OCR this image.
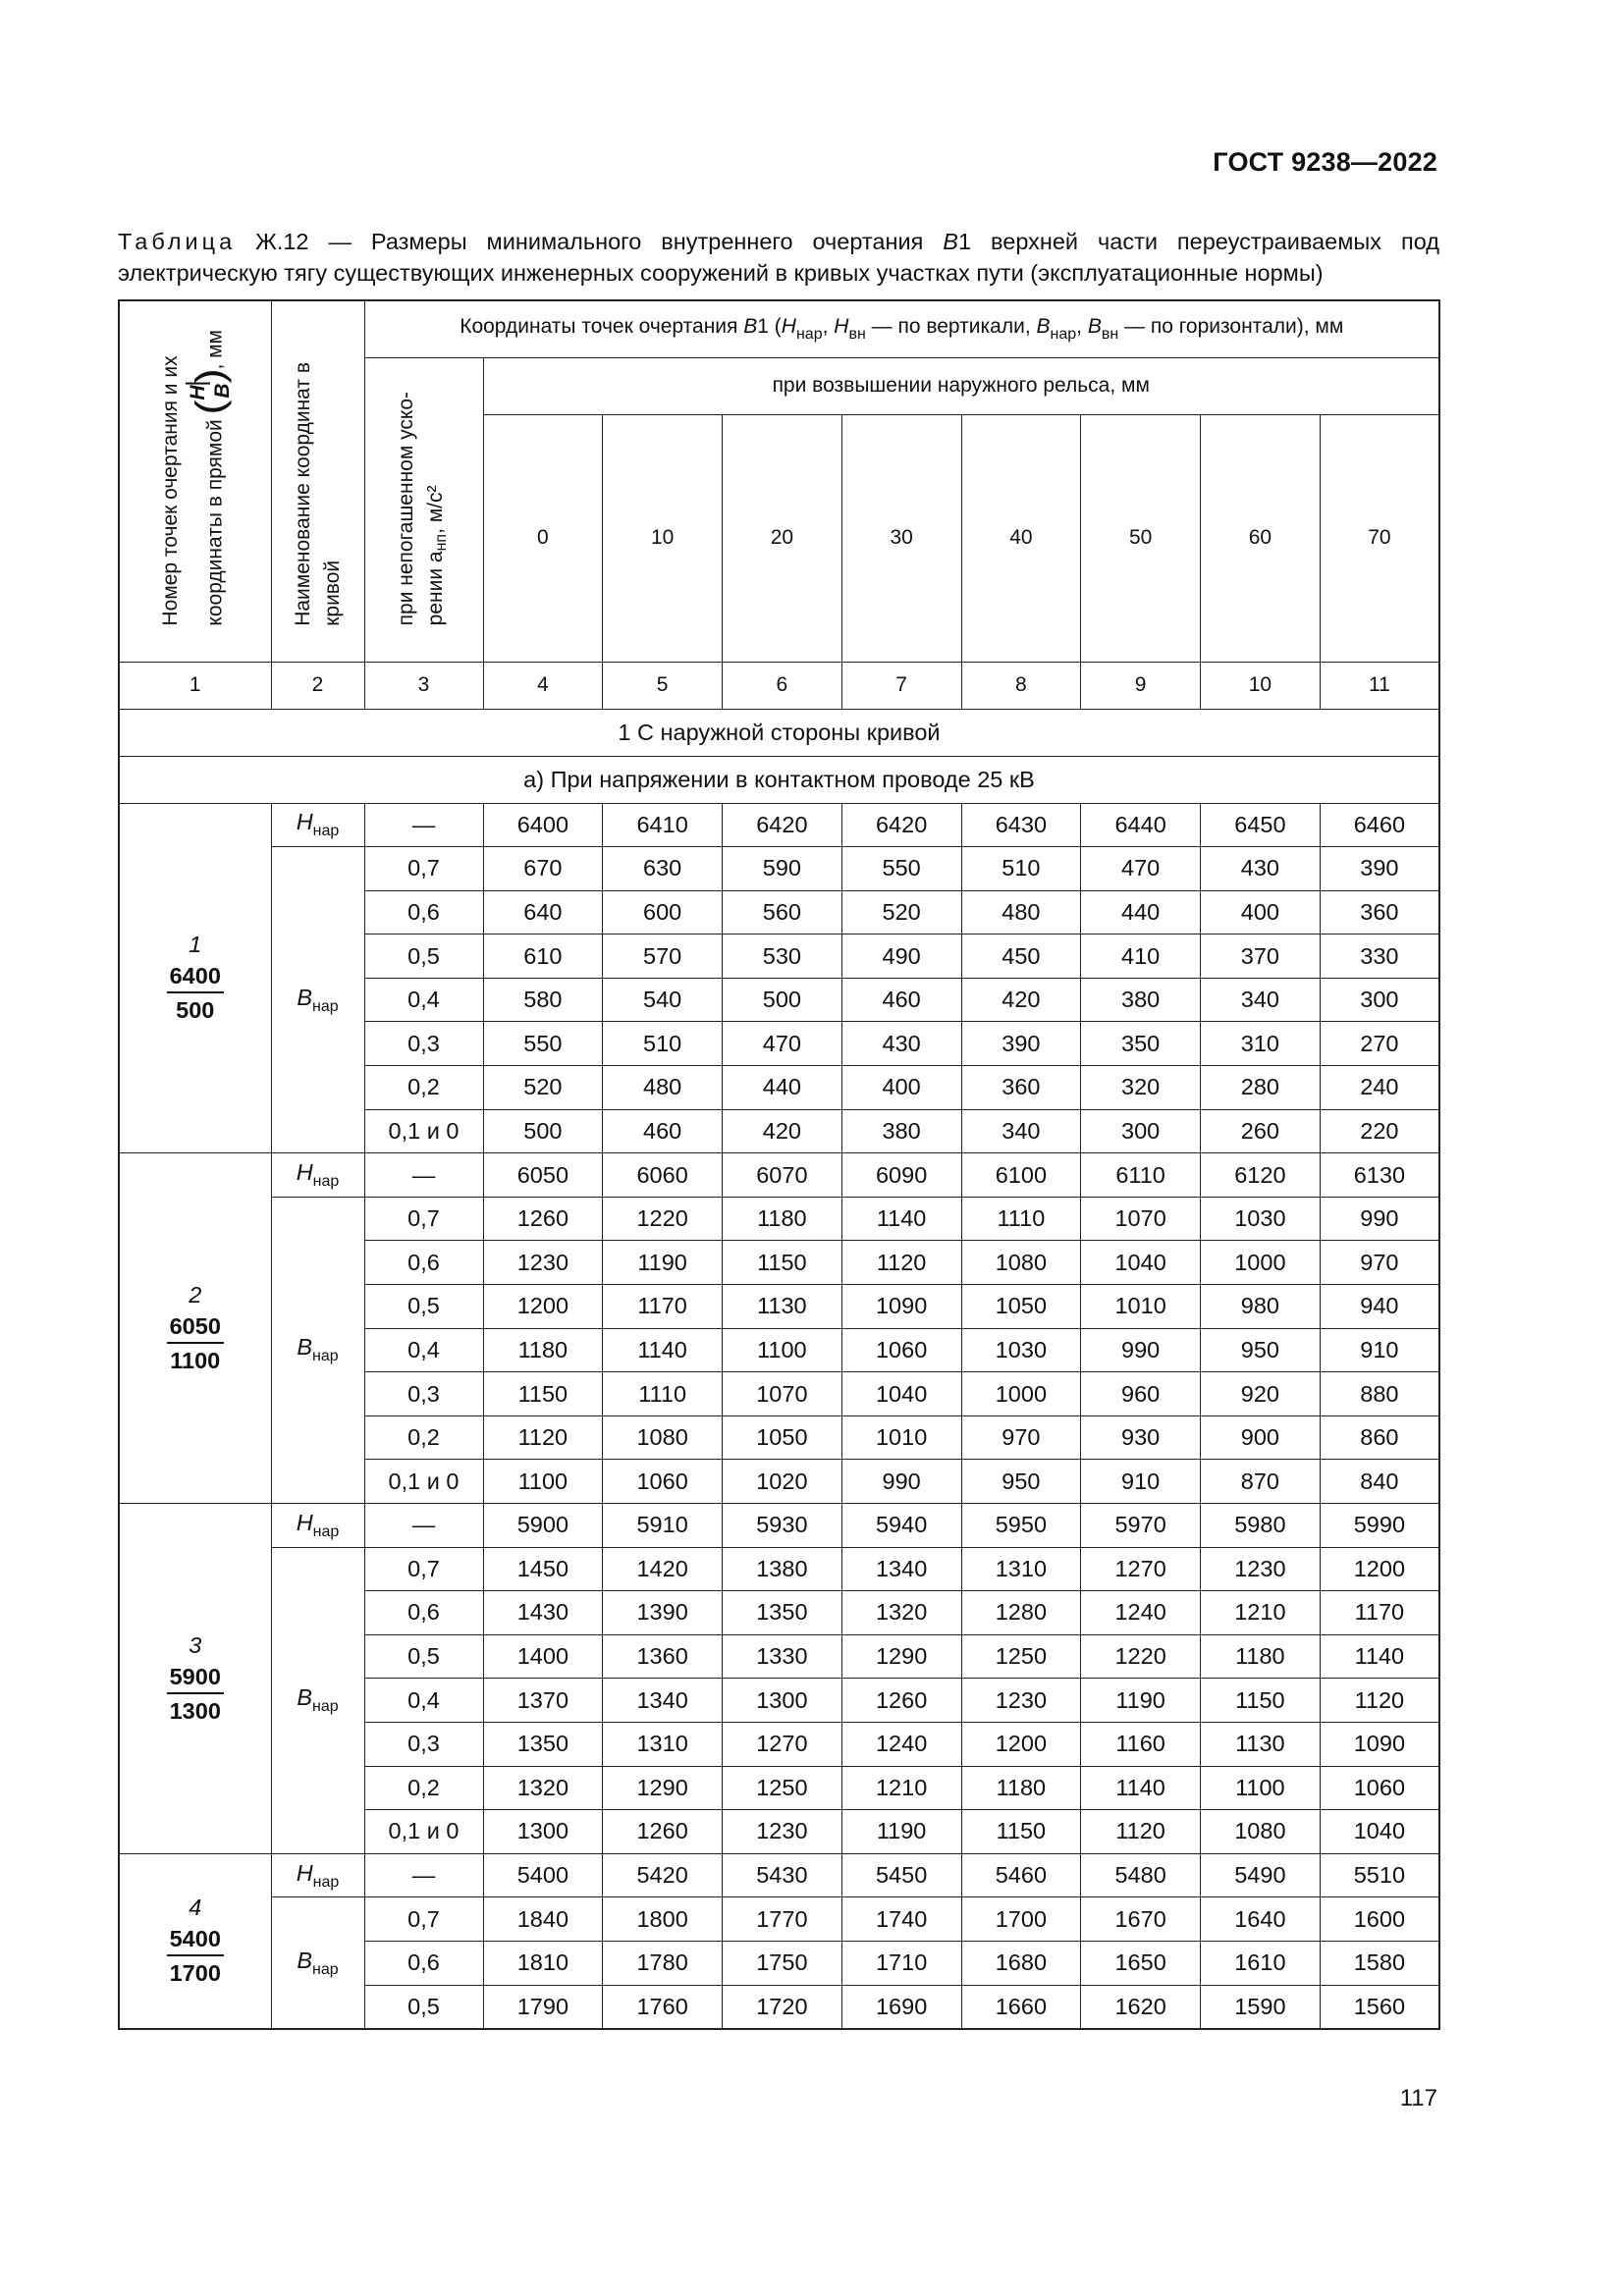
ГОСТ 9238—2022
Таблица Ж.12 — Размеры минимального внутреннего очертания В1 верхней части переустраиваемых под электрическую тягу существующих инженерных сооружений в кривых участках пути (эксплуатационные нормы)
Номер точек очертания и их координаты в прямой (
H B
), мм	Наименование координат в кривой	Координаты точек очертания В1 ($H_{нар}$, $H_{вн}$ — по вертикали, $B_{нар}$, $B_{вн}$ — по горизонтали), мм								
		при непогашенном уско- рении $a_{нп}$, м/с²	при возвышении наружного рельса, мм							
			0	10	20	30	40	50	60	70
1	2	3	4	5	6	7	8	9	10	11
1 С наружной стороны кривой										
а) При напряжении в контактном проводе 25 кВ										

1
$\frac{6400}{500}$	$H_{нар}$	—	6400	6410	6420	6420	6430	6440	6450	6460
	$B_{нар}$	0,7	670	630	590	550	510	470	430	390
		0,6	640	600	560	520	480	440	400	360
		0,5	610	570	530	490	450	410	370	330
		0,4	580	540	500	460	420	380	340	300
		0,3	550	510	470	430	390	350	310	270
		0,2	520	480	440	400	360	320	280	240
		0,1 и 0	500	460	420	380	340	300	260	220

2
$\frac{6050}{1100}$	$H_{нар}$	—	6050	6060	6070	6090	6100	6110	6120	6130
	$B_{нар}$	0,7	1260	1220	1180	1140	1110	1070	1030	990
		0,6	1230	1190	1150	1120	1080	1040	1000	970
		0,5	1200	1170	1130	1090	1050	1010	980	940
		0,4	1180	1140	1100	1060	1030	990	950	910
		0,3	1150	1110	1070	1040	1000	960	920	880
		0,2	1120	1080	1050	1010	970	930	900	860
		0,1 и 0	1100	1060	1020	990	950	910	870	840

3
$\frac{5900}{1300}$	$H_{нар}$	—	5900	5910	5930	5940	5950	5970	5980	5990
	$B_{нар}$	0,7	1450	1420	1380	1340	1310	1270	1230	1200
		0,6	1430	1390	1350	1320	1280	1240	1210	1170
		0,5	1400	1360	1330	1290	1250	1220	1180	1140
		0,4	1370	1340	1300	1260	1230	1190	1150	1120
		0,3	1350	1310	1270	1240	1200	1160	1130	1090
		0,2	1320	1290	1250	1210	1180	1140	1100	1060
		0,1 и 0	1300	1260	1230	1190	1150	1120	1080	1040

4
$\frac{5400}{1700}$	$H_{нар}$	—	5400	5420	5430	5450	5460	5480	5490	5510
	$B_{нар}$	0,7	1840	1800	1770	1740	1700	1670	1640	1600
		0,6	1810	1780	1750	1710	1680	1650	1610	1580
		0,5	1790	1760	1720	1690	1660	1620	1590	1560
117
